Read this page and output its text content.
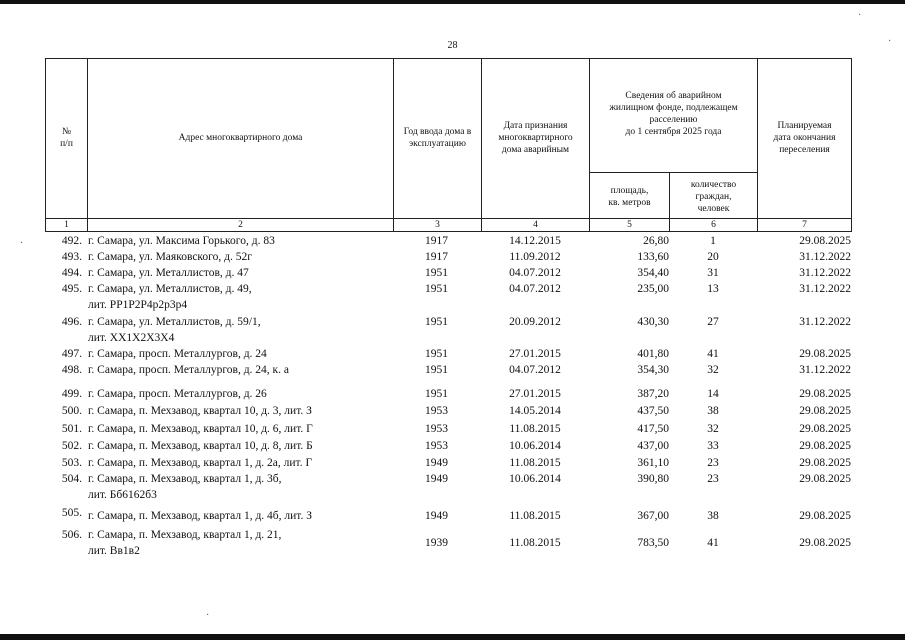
28
№
п/п
Адрес многоквартирного дома
Год ввода дома в
эксплуатацию
Дата признания
многоквартирного
дома аварийным
Сведения об аварийном
жилищном фонде, подлежащем
расселению
до 1 сентября 2025 года
площадь,
кв. метров
количество
граждан,
человек
Планируемая
дата окончания
переселения
1	2	3	4	5	6	7
492. г. Самара, ул. Максима Горького, д. 83	1917	14.12.2015	26,80	1	29.08.2025
493. г. Самара, ул. Маяковского, д. 52г	1917	11.09.2012	133,60	20	31.12.2022
494. г. Самара, ул. Металлистов, д. 47	1951	04.07.2012	354,40	31	31.12.2022
495. г. Самара, ул. Металлистов, д. 49,
лит. РР1Р2Р4р2р3р4
1951	04.07.2012	235,00	13	31.12.2022
496. г. Самара, ул. Металлистов, д. 59/1,
лит. ХХ1Х2Х3Х4
1951	20.09.2012	430,30	27	31.12.2022
497. г. Самара, просп. Металлургов, д. 24	1951	27.01.2015	401,80	41	29.08.2025
498. г. Самара, просп. Металлургов, д. 24, к. а	1951	04.07.2012	354,30	32	31.12.2022
499. г. Самара, просп. Металлургов, д. 26	1951	27.01.2015	387,20	14	29.08.2025
500. г. Самара, п. Мехзавод, квартал 10, д. 3, лит. З	1953	14.05.2014	437,50	38	29.08.2025
501. г. Самара, п. Мехзавод, квартал 10, д. 6, лит. Г	1953	11.08.2015	417,50	32	29.08.2025
502. г. Самара, п. Мехзавод, квартал 10, д. 8, лит. Б	1953	10.06.2014	437,00	33	29.08.2025
503. г. Самара, п. Мехзавод, квартал 1, д. 2а, лит. Г	1949	11.08.2015	361,10	23	29.08.2025
504. г. Самара, п. Мехзавод, квартал 1, д. 3б,
лит. Бб6162б3
1949	10.06.2014	390,80	23	29.08.2025
505. г. Самара, п. Мехзавод, квартал 1, д. 4б, лит. З	1949	11.08.2015	367,00	38	29.08.2025
506. г. Самара, п. Мехзавод, квартал 1, д. 21,
лит. Вв1в2
1939	11.08.2015	783,50	41	29.08.2025
·
·
·
·
